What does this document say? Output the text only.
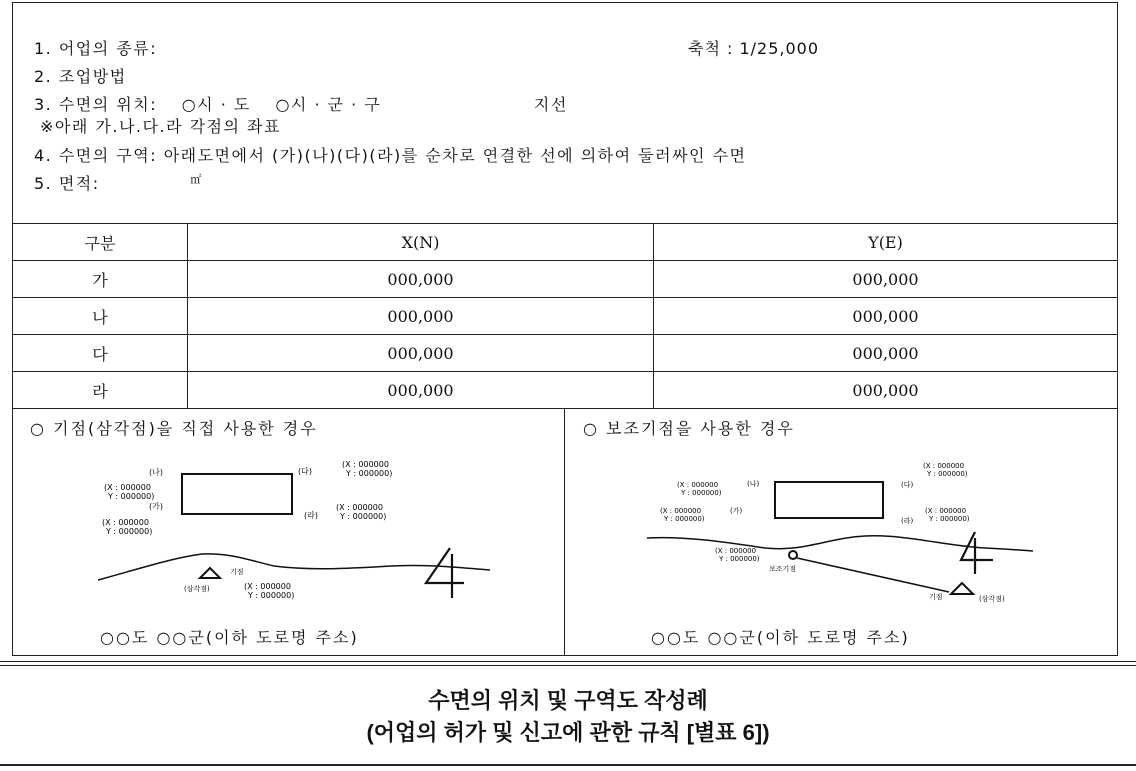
1. 어업의 종류:	축척 : 1/25,000
2. 조업방법
3. 수면의 위치: ○시 · 도 ○시 · 군 · 구	지선
※아래 가.나.다.라 각점의 좌표
4. 수면의 구역: 아래도면에서 (가)(나)(다)(라)를 순차로 연결한 선에 의하여 둘러싸인 수면
5. 면적:	㎡
구분	X(N)	Y(E)
가	000,000	000,000
나	000,000	000,000
다	000,000	000,000
라	000,000	000,000
○ 기점(삼각점)을 직접 사용한 경우
(나)
(X : 000000
Y : 000000)
(가)
(X : 000000
Y : 000000)
(다)
(X : 000000
Y : 000000)
(라)
(X : 000000
Y : 000000)
기점
(삼각점)	(X : 000000
Y : 000000)
○○도 ○○군(이하 도로명 주소)
○ 보조기점을 사용한 경우
(X : 000000	(나)
Y : 000000)
(X : 000000	(가)
Y : 000000)
(X : 000000
Y : 000000)
(다)
(X : 000000
Y : 000000)
(라)
(X : 000000
Y : 000000)
보조기점
기점	(삼각점)
○○도 ○○군(이하 도로명 주소)
수면의 위치 및 구역도 작성례
(어업의 허가 및 신고에 관한 규칙 [별표 6])
